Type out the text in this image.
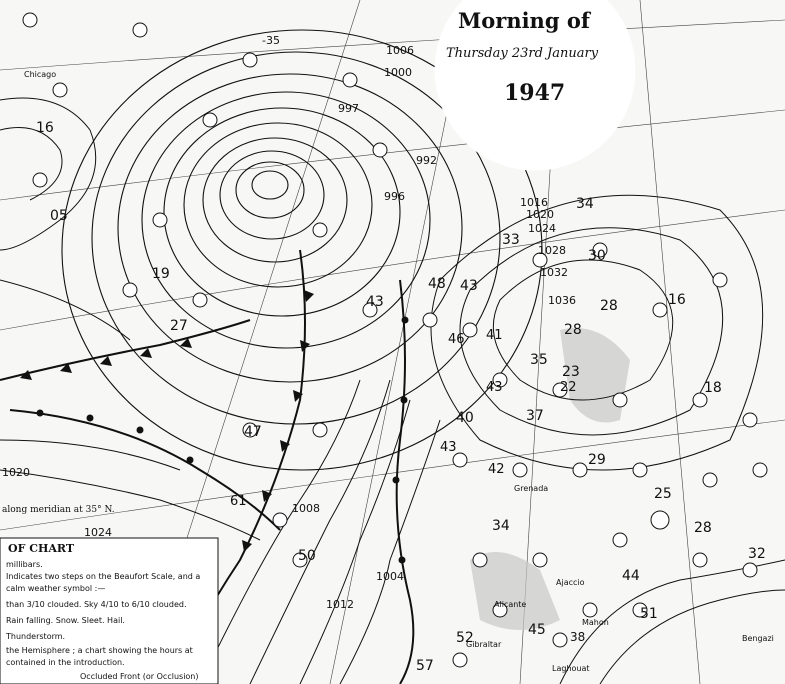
Morning of
Thursday 23rd January
1947
along meridian at 35° N.
OF CHART
millibars.
Indicates two steps on the Beaufort Scale, and a
calm weather symbol :—
than 3/10 clouded. Sky 4/10 to 6/10 clouded.
Rain falling. Snow. Sleet. Hail.
Thunderstorm.
the Hemisphere ; a chart showing the hours at
contained in the introduction.
Occluded Front (or Occlusion)
-35
997
992
996	1016
1020
1024
1028
1032
1036
1008
1004
1012
1020
1024
1000
1006
16
05
19
27
47
61
50
43
43
48
33
34
30
28
28
35
23
37
40
42
43
29
25
28
32
34
45
52
51
57
16
18
44
38
46 41
43	22
Chicago
Grenada
Ajaccio
Gibraltar
Laghouat
Bengazi
Mahon
Alicante
